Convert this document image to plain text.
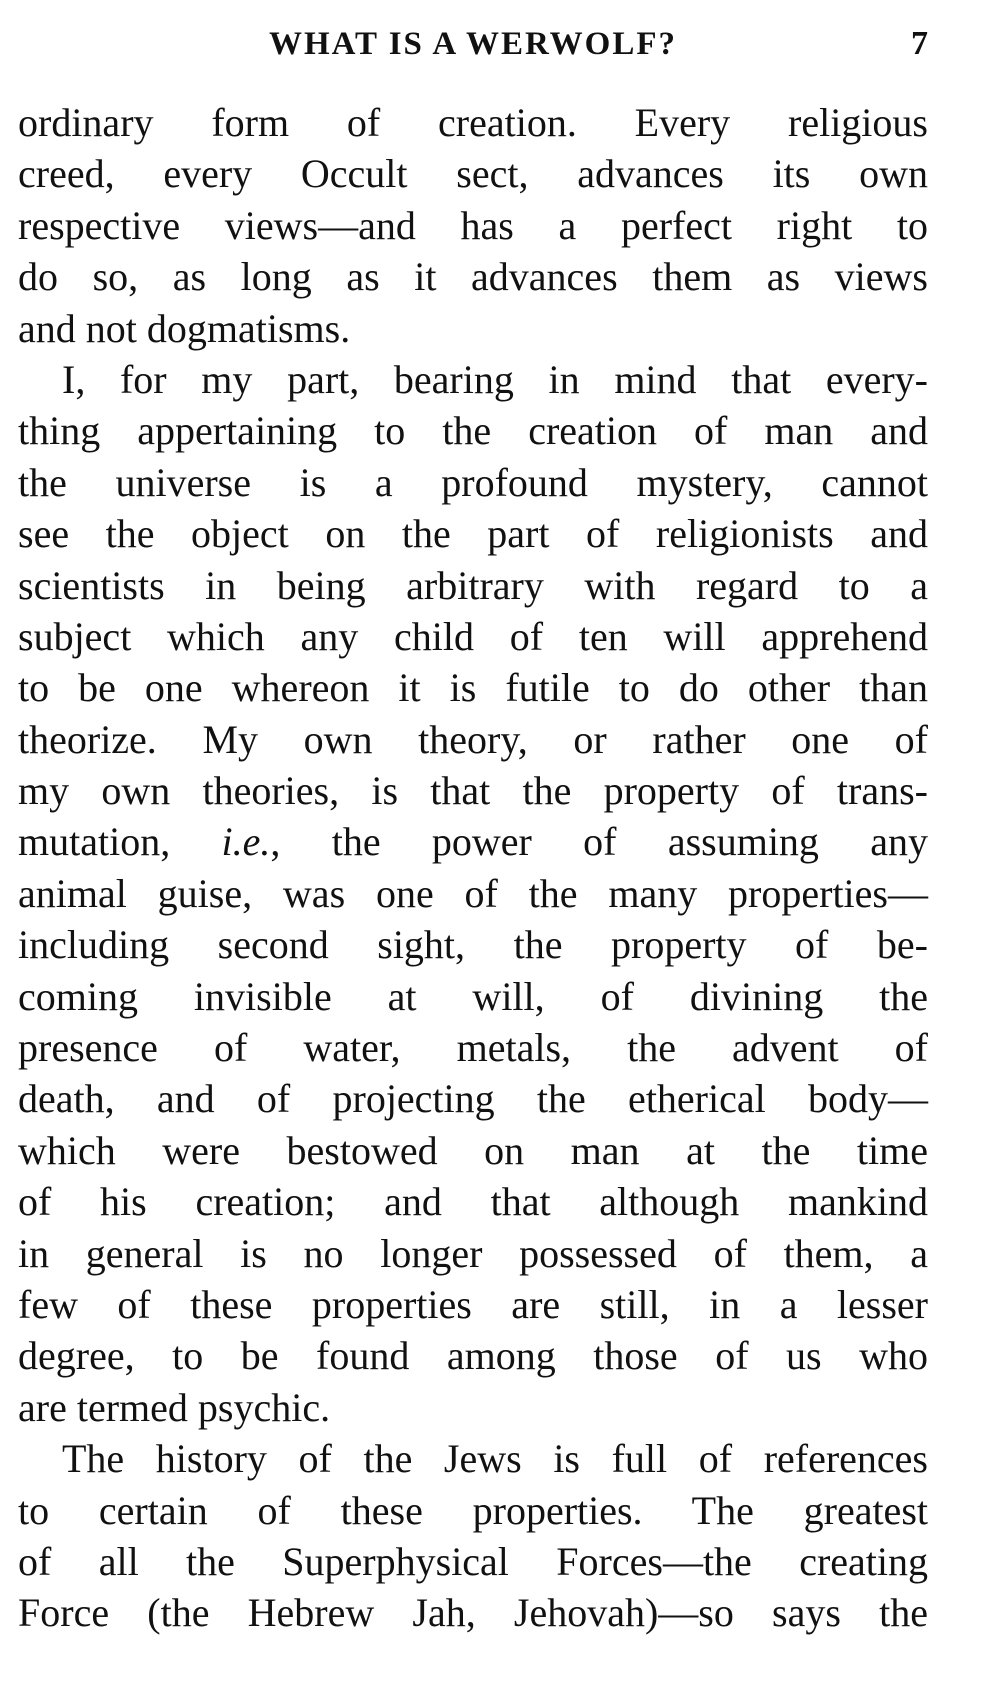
WHAT IS A WERWOLF?	7
ordinary form of creation. Every religious
creed, every Occult sect, advances its own
respective views—and has a perfect right to
do so, as long as it advances them as views
and not dogmatisms.
I, for my part, bearing in mind that every-
thing appertaining to the creation of man and
the universe is a profound mystery, cannot
see the object on the part of religionists and
scientists in being arbitrary with regard to a
subject which any child of ten will apprehend
to be one whereon it is futile to do other than
theorize. My own theory, or rather one of
my own theories, is that the property of trans-
mutation, i.e., the power of assuming any
animal guise, was one of the many properties—
including second sight, the property of be-
coming invisible at will, of divining the
presence of water, metals, the advent of
death, and of projecting the etherical body—
which were bestowed on man at the time
of his creation; and that although mankind
in general is no longer possessed of them, a
few of these properties are still, in a lesser
degree, to be found among those of us who
are termed psychic.
The history of the Jews is full of references
to certain of these properties. The greatest
of all the Superphysical Forces—the creating
Force (the Hebrew Jah, Jehovah)—so says the
